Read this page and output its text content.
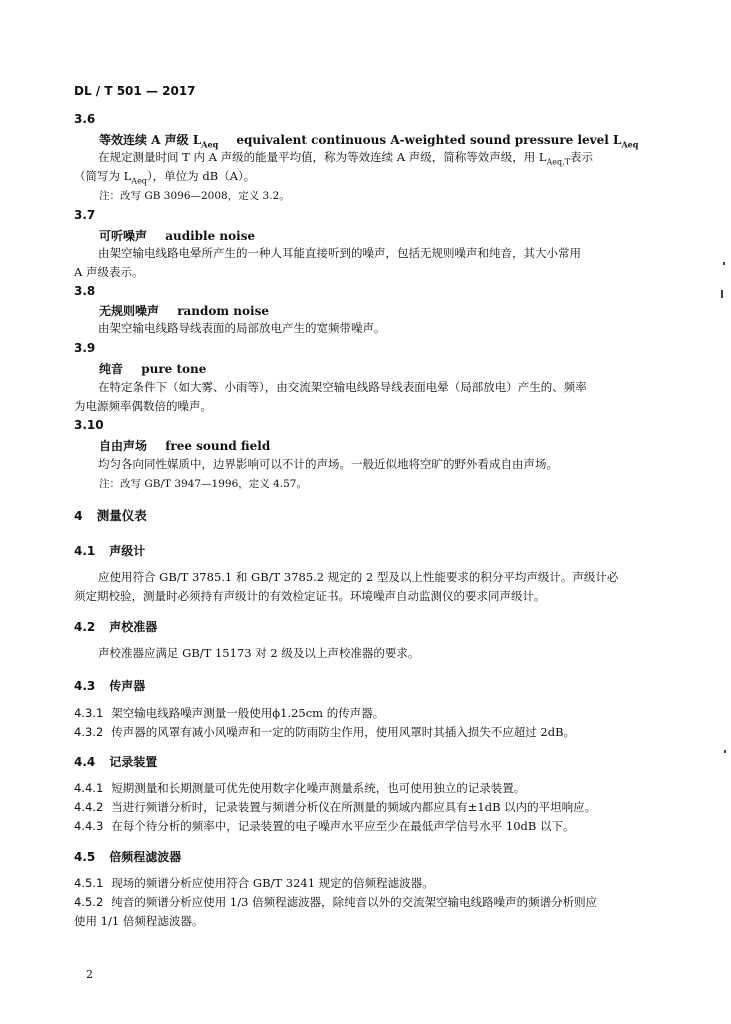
DL / T 501 — 2017
3.6
等效连续 A 声级 $L_{Aeq}$ equivalent continuous A-weighted sound pressure level $L_{Aeq}$
在规定测量时间 T 内 A 声级的能量平均值，称为等效连续 A 声级，简称等效声级，用 $L_{Aeq,T}$表示
（简写为 $L_{Aeq}$），单位为 dB（A）。
注：改写 GB 3096—2008，定义 3.2。
3.7
可听噪声 audible noise
由架空输电线路电晕所产生的一种人耳能直接听到的噪声，包括无规则噪声和纯音，其大小常用
A 声级表示。
3.8
无规则噪声 random noise
由架空输电线路导线表面的局部放电产生的宽频带噪声。
3.9
纯音 pure tone
在特定条件下（如大雾、小雨等），由交流架空输电线路导线表面电晕（局部放电）产生的、频率
为电源频率偶数倍的噪声。
3.10
自由声场 free sound field
均匀各向同性媒质中，边界影响可以不计的声场。一般近似地将空旷的野外看成自由声场。
注：改写 GB/T 3947—1996，定义 4.57。
4 测量仪表
4.1 声级计
应使用符合 GB/T 3785.1 和 GB/T 3785.2 规定的 2 型及以上性能要求的积分平均声级计。声级计必
须定期校验，测量时必须持有声级计的有效检定证书。环境噪声自动监测仪的要求同声级计。
4.2 声校准器
声校准器应满足 GB/T 15173 对 2 级及以上声校准器的要求。
4.3 传声器
4.3.1 架空输电线路噪声测量一般使用ϕ1.25cm 的传声器。
4.3.2 传声器的风罩有减小风噪声和一定的防雨防尘作用，使用风罩时其插入损失不应超过 2dB。
4.4 记录装置
4.4.1 短期测量和长期测量可优先使用数字化噪声测量系统，也可使用独立的记录装置。
4.4.2 当进行频谱分析时，记录装置与频谱分析仪在所测量的频域内都应具有±1dB 以内的平坦响应。
4.4.3 在每个待分析的频率中，记录装置的电子噪声水平应至少在最低声学信号水平 10dB 以下。
4.5 倍频程滤波器
4.5.1 现场的频谱分析应使用符合 GB/T 3241 规定的倍频程滤波器。
4.5.2 纯音的频谱分析应使用 1/3 倍频程滤波器，除纯音以外的交流架空输电线路噪声的频谱分析则应
使用 1/1 倍频程滤波器。
2
